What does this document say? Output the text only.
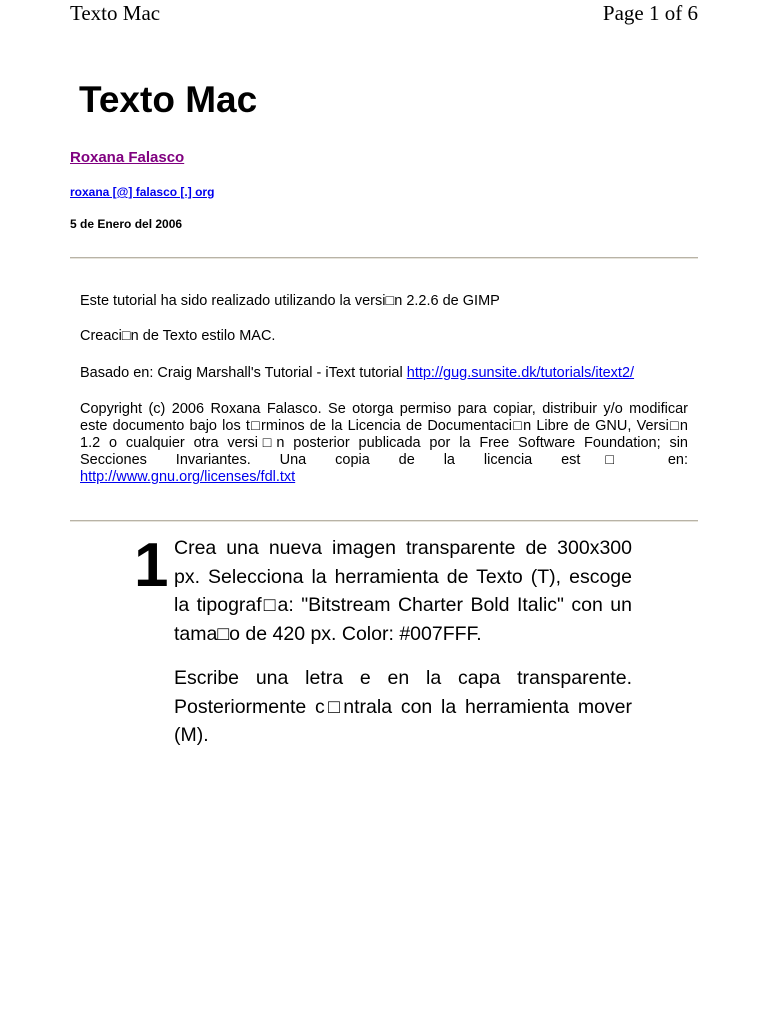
Texto Mac	Page 1 of 6
Texto Mac
Roxana Falasco
roxana [@] falasco [.] org
5 de Enero del 2006
Este tutorial ha sido realizado utilizando la versi□n 2.2.6 de GIMP
Creaci□n de Texto estilo MAC.
Basado en: Craig Marshall's Tutorial - iText tutorial http://gug.sunsite.dk/tutorials/itext2/
Copyright (c) 2006 Roxana Falasco. Se otorga permiso para copiar, distribuir y/o modificar este documento bajo los t□rminos de la Licencia de Documentaci□n Libre de GNU, Versi□n 1.2 o cualquier otra versi□n posterior publicada por la Free Software Foundation; sin Secciones Invariantes. Una copia de la licencia est□ en:
http://www.gnu.org/licenses/fdl.txt
1 Crea una nueva imagen transparente de 300x300 px. Selecciona la herramienta de Texto (T), escoge la tipograf□a: "Bitstream Charter Bold Italic" con un tama□o de 420 px. Color: #007FFF.
Escribe una letra e en la capa transparente. Posteriormente c□ntrala con la herramienta mover (M).
